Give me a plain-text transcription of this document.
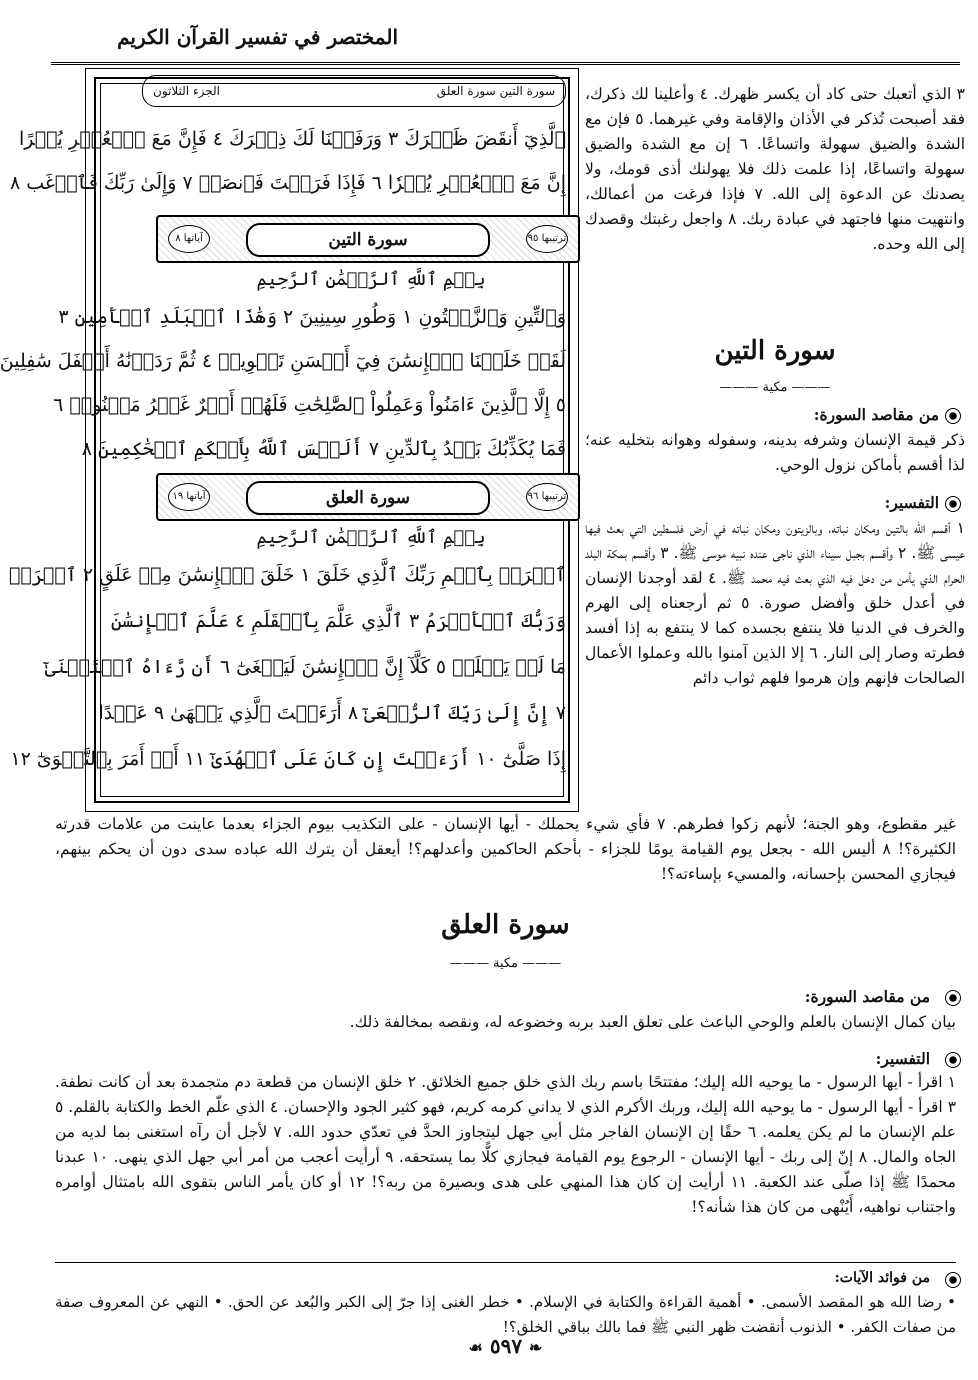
المختصر في تفسير القرآن الكريم
سورة التين سورة العلق
الجزء الثلاثون
ٱلَّذِيٓ أَنقَضَ ظَهۡرَكَ ٣ وَرَفَعۡنَا لَكَ ذِكۡرَكَ ٤ فَإِنَّ مَعَ ٱلۡعُسۡرِ يُسۡرًا
إِنَّ مَعَ ٱلۡعُسۡرِ يُسۡرٗا ٦ فَإِذَا فَرَغۡتَ فَٱنصَبۡ ٧ وَإِلَىٰ رَبِّكَ فَٱرۡغَب ٨
آياتها ٨	ترتيبها ٩٥
سورة التين
بِسۡمِ ٱللَّهِ ٱلرَّحۡمَٰنِ ٱلرَّحِيمِ
وَٱلتِّينِ وَٱلزَّيۡتُونِ ١ وَطُورِ سِينِينَ ٢ وَهَٰذَا ٱلۡبَلَدِ ٱلۡأَمِينِ ٣
لَقَدۡ خَلَقۡنَا ٱلۡإِنسَٰنَ فِيٓ أَحۡسَنِ تَقۡوِيمٖ ٤ ثُمَّ رَدَدۡنَٰهُ أَسۡفَلَ سَٰفِلِينَ
٥ إِلَّا ٱلَّذِينَ ءَامَنُواْ وَعَمِلُواْ ٱلصَّٰلِحَٰتِ فَلَهُمۡ أَجۡرٌ غَيۡرُ مَمۡنُونٖ ٦
فَمَا يُكَذِّبُكَ بَعۡدُ بِٱلدِّينِ ٧ أَلَيۡسَ ٱللَّهُ بِأَحۡكَمِ ٱلۡحَٰكِمِينَ ٨
آياتها ١٩	ترتيبها ٩٦
سورة العلق
بِسۡمِ ٱللَّهِ ٱلرَّحۡمَٰنِ ٱلرَّحِيمِ
ٱقۡرَأۡ بِٱسۡمِ رَبِّكَ ٱلَّذِي خَلَقَ ١ خَلَقَ ٱلۡإِنسَٰنَ مِنۡ عَلَقٍ ٢ ٱقۡرَأۡ
وَرَبُّكَ ٱلۡأَكۡرَمُ ٣ ٱلَّذِي عَلَّمَ بِٱلۡقَلَمِ ٤ عَلَّمَ ٱلۡإِنسَٰنَ
مَا لَمۡ يَعۡلَمۡ ٥ كَلَّآ إِنَّ ٱلۡإِنسَٰنَ لَيَطۡغَىٰٓ ٦ أَن رَّءَاهُ ٱسۡتَغۡنَىٰٓ
٧ إِنَّ إِلَىٰ رَبِّكَ ٱلرُّجۡعَىٰٓ ٨ أَرَءَيۡتَ ٱلَّذِي يَنۡهَىٰ ٩ عَبۡدًا
إِذَا صَلَّىٰٓ ١٠ أَرَءَيۡتَ إِن كَانَ عَلَى ٱلۡهُدَىٰٓ ١١ أَوۡ أَمَرَ بِٱلتَّقۡوَىٰٓ ١٢
٣ الذي أتعبك حتى كاد أن يكسر ظهرك. ٤ وأعلينا لك ذكرك، فقد أصبحت تُذكر في الأذان والإقامة وفي غيرهما. ٥ فإن مع الشدة والضيق سهولة واتساعًا. ٦ إن مع الشدة والضيق سهولة واتساعًا، إذا علمت ذلك فلا يهولنك أذى قومك، ولا يصدنك عن الدعوة إلى الله. ٧ فإذا فرغت من أعمالك، وانتهيت منها فاجتهد في عبادة ربك. ٨ واجعل رغبتك وقصدك إلى الله وحده.
سورة التين
——— مكية ———
من مقاصد السورة:
ذكر قيمة الإنسان وشرفه بدينه، وسفوله وهوانه بتخليه عنه؛ لذا أقسم بأماكن نزول الوحي.
التفسير:
١ أقسم الله بالتين ومكان نباته، وبالزيتون ومكان نباته في أرض فلسطين التي بعث فيها عيسى ﷺ. ٢ وأقسم بجبل سيناء الذي ناجى عنده نبيه موسى ﷺ. ٣ وأقسم بمكة البلد الحرام الذي يأمن من دخل فيه الذي بعث فيه محمد ﷺ. ٤ لقد أوجدنا الإنسان في أعدل خلق وأفضل صورة. ٥ ثم أرجعناه إلى الهرم والخرف في الدنيا فلا ينتفع بجسده كما لا ينتفع به إذا أفسد فطرته وصار إلى النار. ٦ إلا الذين آمنوا بالله وعملوا الأعمال الصالحات فإنهم وإن هرموا فلهم ثواب دائم
غير مقطوع، وهو الجنة؛ لأنهم زكوا فطرهم. ٧ فأي شيء يحملك - أيها الإنسان - على التكذيب بيوم الجزاء بعدما عاينت من علامات قدرته الكثيرة؟! ٨ أليس الله - بجعل يوم القيامة يومًا للجزاء - بأحكم الحاكمين وأعدلهم؟! أيعقل أن يترك الله عباده سدى دون أن يحكم بينهم، فيجازي المحسن بإحسانه، والمسيء بإساءته؟!
سورة العلق
——— مكية ———
من مقاصد السورة:
بيان كمال الإنسان بالعلم والوحي الباعث على تعلق العبد بربه وخضوعه له، ونقصه بمخالفة ذلك.
التفسير:
١ اقرأ - أيها الرسول - ما يوحيه الله إليك؛ مفتتحًا باسم ربك الذي خلق جميع الخلائق. ٢ خلق الإنسان من قطعة دم متجمدة بعد أن كانت نطفة. ٣ اقرأ - أيها الرسول - ما يوحيه الله إليك، وربك الأكرم الذي لا يداني كرمه كريم، فهو كثير الجود والإحسان. ٤ الذي علّم الخط والكتابة بالقلم. ٥ علم الإنسان ما لم يكن يعلمه. ٦ حقًا إن الإنسان الفاجر مثل أبي جهل ليتجاوز الحدَّ في تعدّي حدود الله. ٧ لأجل أن رآه استغنى بما لديه من الجاه والمال. ٨ إنّ إلى ربك - أيها الإنسان - الرجوع يوم القيامة فيجازي كلًّا بما يستحقه. ٩ أرأيت أعجب من أمر أبي جهل الذي ينهى. ١٠ عبدنا محمدًا ﷺ إذا صلّى عند الكعبة. ١١ أرأيت إن كان هذا المنهي على هدى وبصيرة من ربه؟! ١٢ أو كان يأمر الناس بتقوى الله بامتثال أوامره واجتناب نواهيه، أَيُنْهى من كان هذا شأنه؟!
من فوائد الآيات:
• رضا الله هو المقصد الأسمى. • أهمية القراءة والكتابة في الإسلام. • خطر الغنى إذا جرّ إلى الكبر والبُعد عن الحق. • النهي عن المعروف صفة من صفات الكفر. • الذنوب أنقضت ظهر النبي ﷺ فما بالك بباقي الخلق؟!
❧ ٥٩٧ ☙
